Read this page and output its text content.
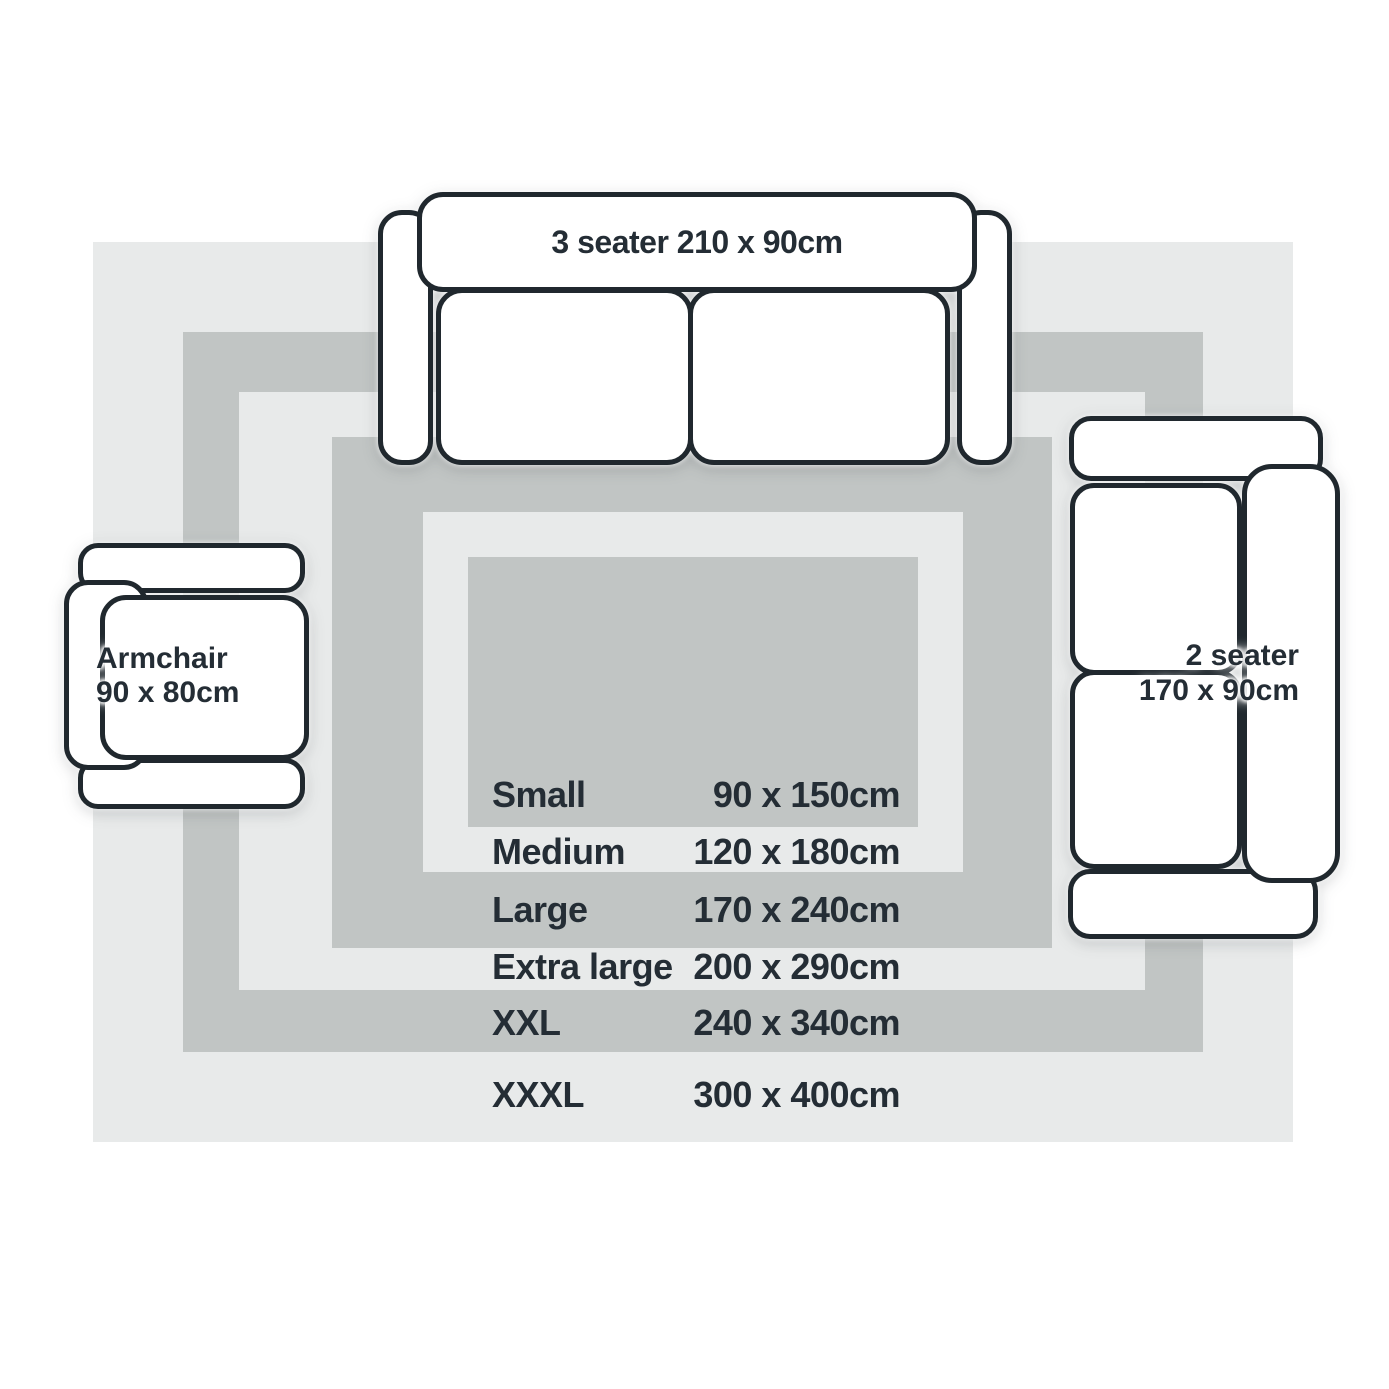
Small	90 x 150cm
Medium 120 x 180cm
Large	170 x 240cm
Extra large 200 x 290cm
XXL	240 x 340cm
XXXL	300 x 400cm
3 seater 210 x 90cm
2 seater
170 x 90cm
Armchair
90 x 80cm
